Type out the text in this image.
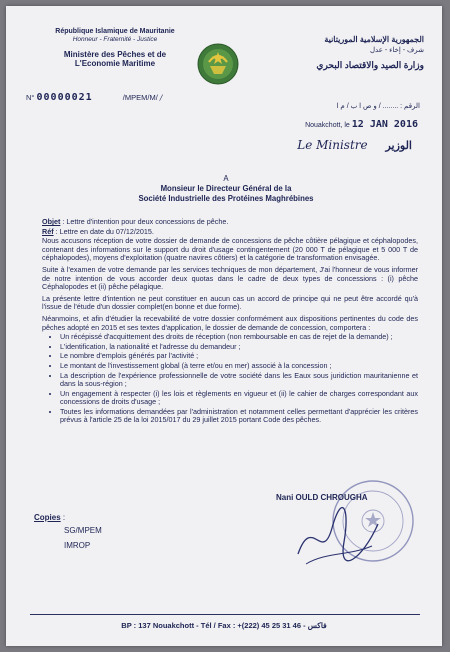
République Islamique de Mauritanie
Honneur - Fraternité - Justice
Ministère des Pêches et de
L'Economie Maritime
الجمهورية الإسلامية الموريتانية
شرف - إخاء - عدل
وزارة الصيد والاقتصاد البحري
N° 00000021	/MPEM/M/ /
الرقم : ........ / و ص ا ب / م ا
Nouakchott, le 12 JAN 2016
Le Ministre الوزير
A
Monsieur le Directeur Général de la
Société Industrielle des Protéines Maghrébines

Objet : Lettre d'intention pour deux concessions de pêche.

Réf : Lettre en date du 07/12/2015.

Nous accusons réception de votre dossier de demande de concessions de pêche côtière pélagique et céphalopodes, contenant des informations sur le support du droit d'usage contingentement (20 000 T de pélagique et 5 000 T de céphalopodes), moyens d'exploitation (quatre navires côtiers) et la catégorie de transformation envisagée.

Suite à l'examen de votre demande par les services techniques de mon département, J'ai l'honneur de vous informer de notre intention de vous accorder deux quotas dans le cadre de deux types de concessions : (i) pêche Céphalopodes et (ii) pêche pélagique.

La présente lettre d'intention ne peut constituer en aucun cas un accord de principe qui ne peut être accordé qu'à l'issue de l'étude d'un dossier complet(en bonne et due forme).

Néanmoins, et afin d'étudier la recevabilité de votre dossier conformément aux dispositions pertinentes du code des pêches adopté en 2015 et ses textes d'application, le dossier de demande de concession, comportera :

• Un récépissé d'acquittement des droits de réception (non remboursable en cas de rejet de la demande) ;
• L'identification, la nationalité et l'adresse du demandeur ;
• Le nombre d'emplois générés par l'activité ;
• Le montant de l'investissement global (à terre et/ou en mer) associé à la concession ;
• La description de l'expérience professionnelle de votre société dans les Eaux sous juridiction mauritanienne et dans la sous-région ;
• Un engagement à respecter (i) les lois et règlements en vigueur et (ii) le cahier de charges correspondant aux concessions de droits d'usage ;
• Toutes les informations demandées par l'administration et notamment celles permettant d'apprécier les critères prévus à l'article 25 de la loi 2015/017 du 29 juillet 2015 portant Code des pêches.
Nani OULD CHROUGHA
Copies :
SG/MPEM
IMROP
BP : 137 Nouakchott - Tél / Fax : +(222) 45 25 31 46 - فاكس
